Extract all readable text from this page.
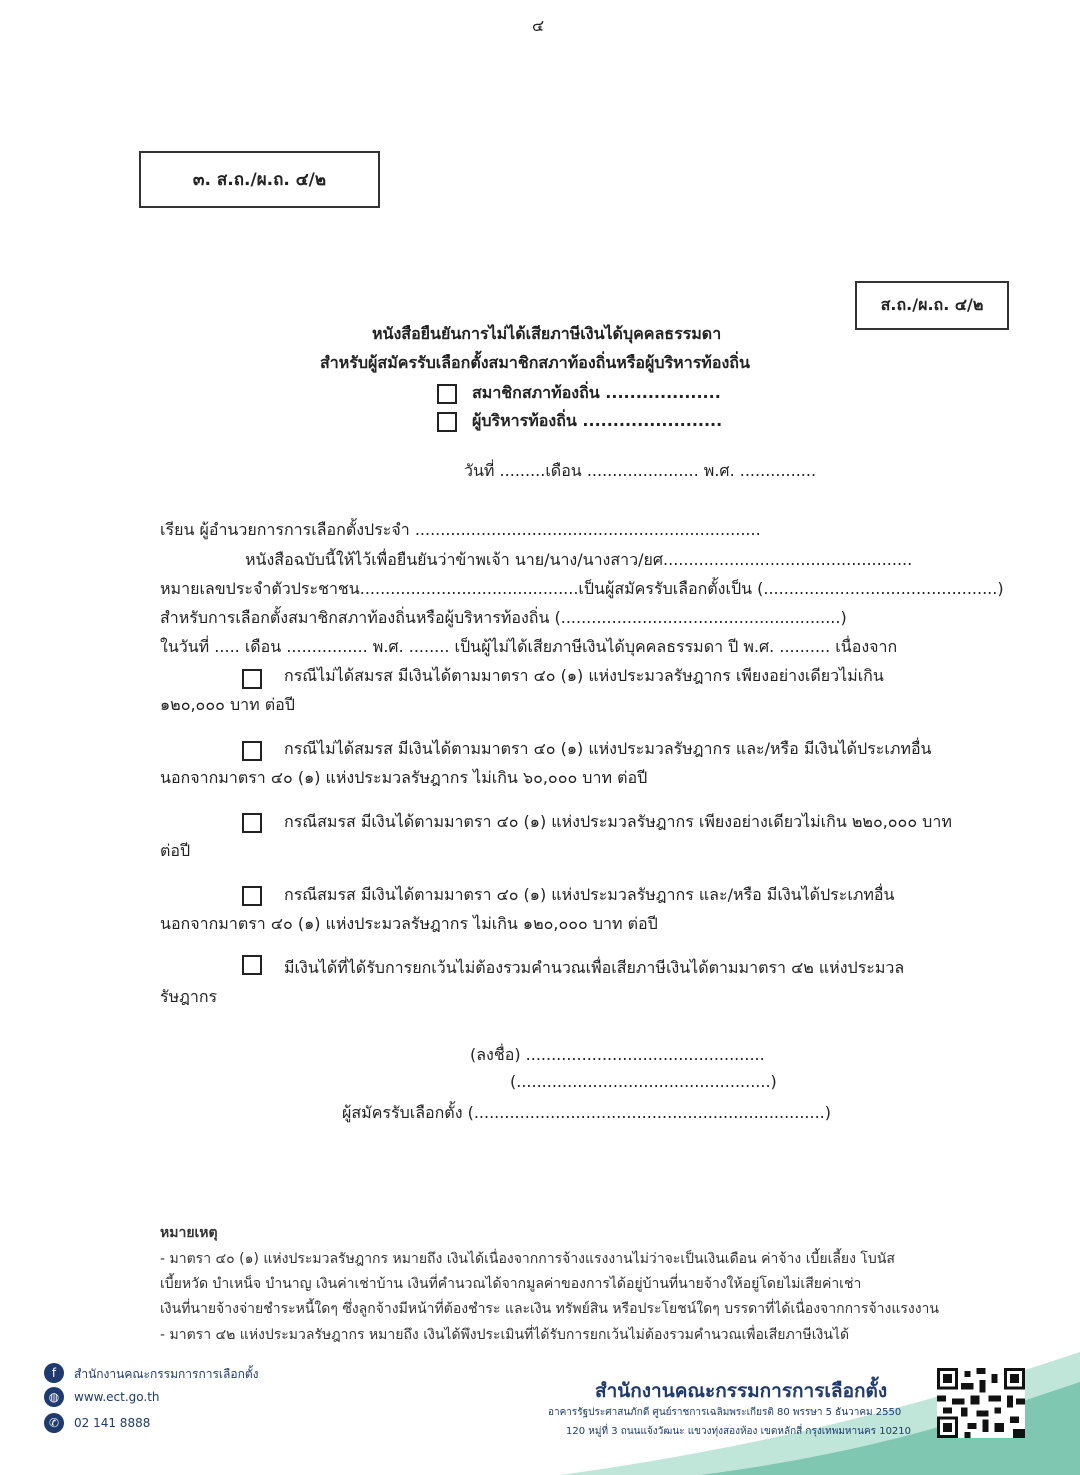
๔
๓. ส.ถ./ผ.ถ. ๔/๒
ส.ถ./ผ.ถ. ๔/๒
หนังสือยืนยันการไม่ได้เสียภาษีเงินได้บุคคลธรรมดา
สำหรับผู้สมัครรับเลือกตั้งสมาชิกสภาท้องถิ่นหรือผู้บริหารท้องถิ่น
สมาชิกสภาท้องถิ่น ...................
ผู้บริหารท้องถิ่น .......................
วันที่ .........เดือน ...................... พ.ศ. ...............
เรียน ผู้อำนวยการการเลือกตั้งประจำ ....................................................................
หนังสือฉบับนี้ให้ไว้เพื่อยืนยันว่าข้าพเจ้า นาย/นาง/นางสาว/ยศ.................................................
หมายเลขประจำตัวประชาชน...........................................เป็นผู้สมัครรับเลือกตั้งเป็น (..............................................)
สำหรับการเลือกตั้งสมาชิกสภาท้องถิ่นหรือผู้บริหารท้องถิ่น (.......................................................)
ในวันที่ ..... เดือน ................ พ.ศ. ........ เป็นผู้ไม่ได้เสียภาษีเงินได้บุคคลธรรมดา ปี พ.ศ. .......... เนื่องจาก
กรณีไม่ได้สมรส มีเงินได้ตามมาตรา ๔๐ (๑) แห่งประมวลรัษฎากร เพียงอย่างเดียวไม่เกิน
๑๒๐,๐๐๐ บาท ต่อปี
กรณีไม่ได้สมรส มีเงินได้ตามมาตรา ๔๐ (๑) แห่งประมวลรัษฎากร และ/หรือ มีเงินได้ประเภทอื่น
นอกจากมาตรา ๔๐ (๑) แห่งประมวลรัษฎากร ไม่เกิน ๖๐,๐๐๐ บาท ต่อปี
กรณีสมรส มีเงินได้ตามมาตรา ๔๐ (๑) แห่งประมวลรัษฎากร เพียงอย่างเดียวไม่เกิน ๒๒๐,๐๐๐ บาท
ต่อปี
กรณีสมรส มีเงินได้ตามมาตรา ๔๐ (๑) แห่งประมวลรัษฎากร และ/หรือ มีเงินได้ประเภทอื่น
นอกจากมาตรา ๔๐ (๑) แห่งประมวลรัษฎากร ไม่เกิน ๑๒๐,๐๐๐ บาท ต่อปี
มีเงินได้ที่ได้รับการยกเว้นไม่ต้องรวมคำนวณเพื่อเสียภาษีเงินได้ตามมาตรา ๔๒ แห่งประมวล
รัษฎากร
(ลงชื่อ) ...............................................
(..................................................)
ผู้สมัครรับเลือกตั้ง (.....................................................................)
หมายเหตุ
- มาตรา ๔๐ (๑) แห่งประมวลรัษฎากร หมายถึง เงินได้เนื่องจากการจ้างแรงงานไม่ว่าจะเป็นเงินเดือน ค่าจ้าง เบี้ยเลี้ยง โบนัส
เบี้ยหวัด บำเหน็จ บำนาญ เงินค่าเช่าบ้าน เงินที่คำนวณได้จากมูลค่าของการได้อยู่บ้านที่นายจ้างให้อยู่โดยไม่เสียค่าเช่า
เงินที่นายจ้างจ่ายชำระหนี้ใดๆ ซึ่งลูกจ้างมีหน้าที่ต้องชำระ และเงิน ทรัพย์สิน หรือประโยชน์ใดๆ บรรดาที่ได้เนื่องจากการจ้างแรงงาน
- มาตรา ๔๒ แห่งประมวลรัษฎากร หมายถึง เงินได้พึงประเมินที่ได้รับการยกเว้นไม่ต้องรวมคำนวณเพื่อเสียภาษีเงินได้
f	สำนักงานคณะกรรมการการเลือกตั้ง
◍	www.ect.go.th
✆	02 141 8888
สำนักงานคณะกรรมการการเลือกตั้ง
อาคารรัฐประศาสนภักดี ศูนย์ราชการเฉลิมพระเกียรติ 80 พรรษา 5 ธันวาคม 2550
120 หมู่ที่ 3 ถนนแจ้งวัฒนะ แขวงทุ่งสองห้อง เขตหลักสี่ กรุงเทพมหานคร 10210
